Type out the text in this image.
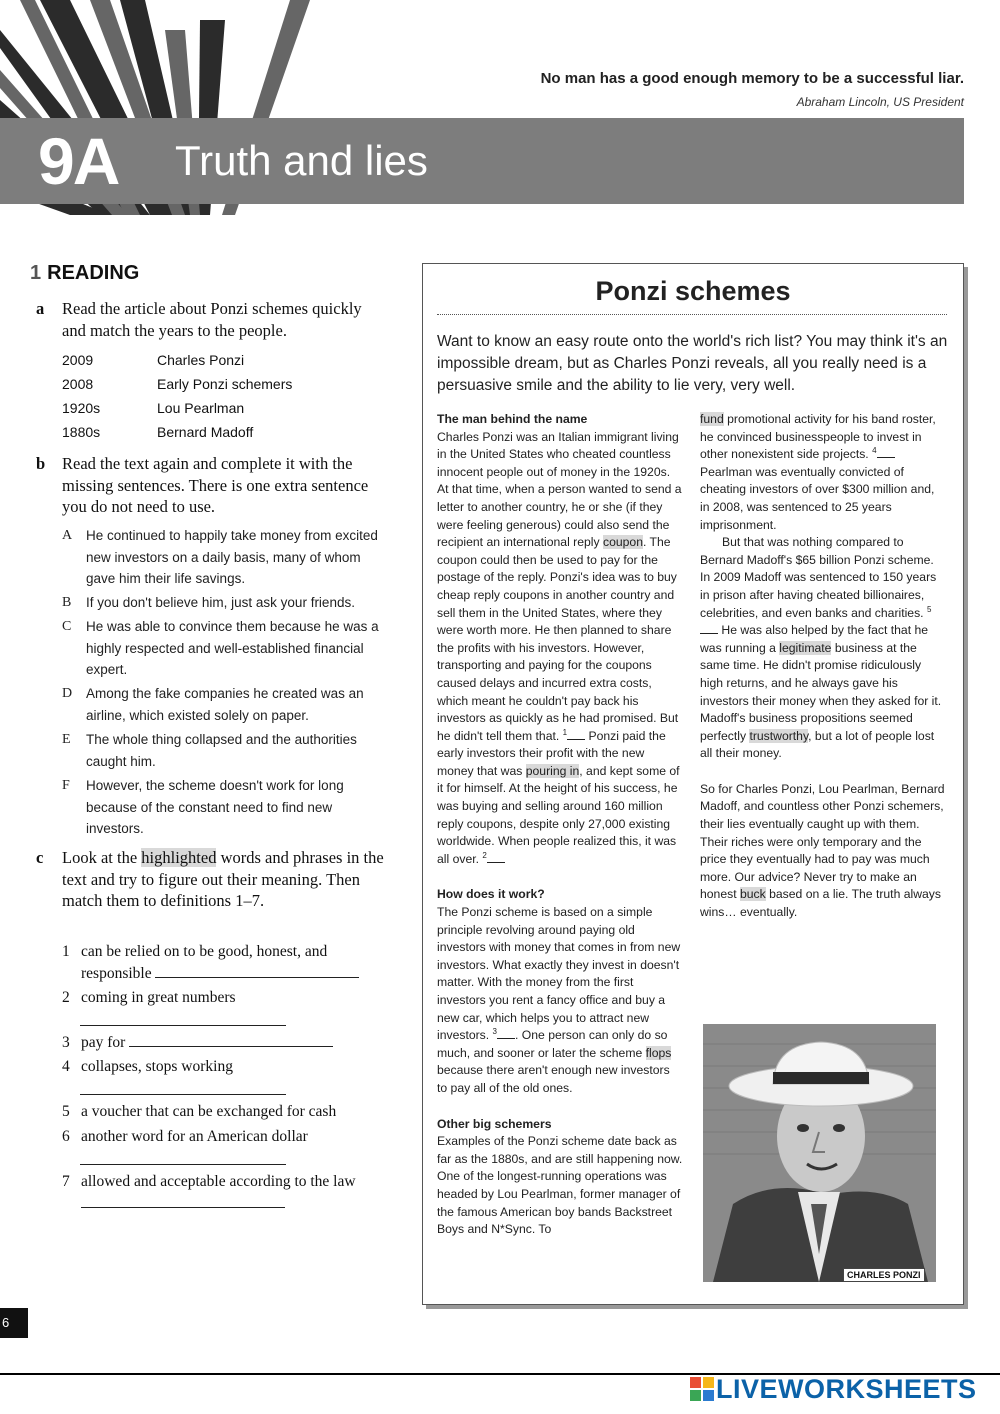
No man has a good enough memory to be a successful liar.
Abraham Lincoln, US President
9A Truth and lies
1 READING
a Read the article about Ponzi schemes quickly and match the years to the people.
2009
2008
1920s
1880s
Charles Ponzi
Early Ponzi schemers
Lou Pearlman
Bernard Madoff
b Read the text again and complete it with the missing sentences. There is one extra sentence you do not need to use.
A He continued to happily take money from excited new investors on a daily basis, many of whom gave him their life savings.
B If you don't believe him, just ask your friends.
C He was able to convince them because he was a highly respected and well-established financial expert.
D Among the fake companies he created was an airline, which existed solely on paper.
E The whole thing collapsed and the authorities caught him.
F However, the scheme doesn't work for long because of the constant need to find new investors.
c Look at the highlighted words and phrases in the text and try to figure out their meaning. Then match them to definitions 1–7.
1 can be relied on to be good, honest, and responsible
2 coming in great numbers
3 pay for
4 collapses, stops working
5 a voucher that can be exchanged for cash
6 another word for an American dollar
7 allowed and acceptable according to the law
Ponzi schemes
Want to know an easy route onto the world's rich list? You may think it's an impossible dream, but as Charles Ponzi reveals, all you really need is a persuasive smile and the ability to lie very, very well.
The man behind the name

Charles Ponzi was an Italian immigrant living in the United States who cheated countless innocent people out of money in the 1920s. At that time, when a person wanted to send a letter to another country, he or she (if they were feeling generous) could also send the recipient an international reply coupon. The coupon could then be used to pay for the postage of the reply. Ponzi's idea was to buy cheap reply coupons in another country and sell them in the United States, where they were worth more. He then planned to share the profits with his investors. However, transporting and paying for the coupons caused delays and incurred extra costs, which meant he couldn't pay back his investors as quickly as he had promised. But he didn't tell them that. $^1$ Ponzi paid the early investors their profit with the new money that was pouring in, and kept some of it for himself. At the height of his success, he was buying and selling around 160 million reply coupons, despite only 27,000 existing worldwide. When people realized this, it was all over. $^2$

How does it work?

The Ponzi scheme is based on a simple principle revolving around paying old investors with money that comes in from new investors. What exactly they invest in doesn't matter. With the money from the first investors you rent a fancy office and buy a new car, which helps you to attract new investors. $^3$ . One person can only do so much, and sooner or later the scheme flops because there aren't enough new investors to pay all of the old ones.

Other big schemers

Examples of the Ponzi scheme date back as far as the 1880s, and are still happening now. One of the longest-running operations was headed by Lou Pearlman, former manager of the famous American boy bands Backstreet Boys and N*Sync. To

fund promotional activity for his band roster, he convinced businesspeople to invest in other nonexistent side projects. $^4$ Pearlman was eventually convicted of cheating investors of over $300 million and, in 2008, was sentenced to 25 years imprisonment.

But that was nothing compared to Bernard Madoff's $65 billion Ponzi scheme. In 2009 Madoff was sentenced to 150 years in prison after having cheated billionaires, celebrities, and even banks and charities. $^5$ He was also helped by the fact that he was running a legitimate business at the same time. He didn't promise ridiculously high returns, and he always gave his investors their money when they asked for it. Madoff's business propositions seemed perfectly trustworthy, but a lot of people lost all their money.

So for Charles Ponzi, Lou Pearlman, Bernard Madoff, and countless other Ponzi schemers, their lies eventually caught up with them. Their riches were only temporary and the price they eventually had to pay was much more. Our advice? Never try to make an honest buck based on a lie. The truth always wins… eventually.

CHARLES PONZI
6
LIVEWORKSHEETS
